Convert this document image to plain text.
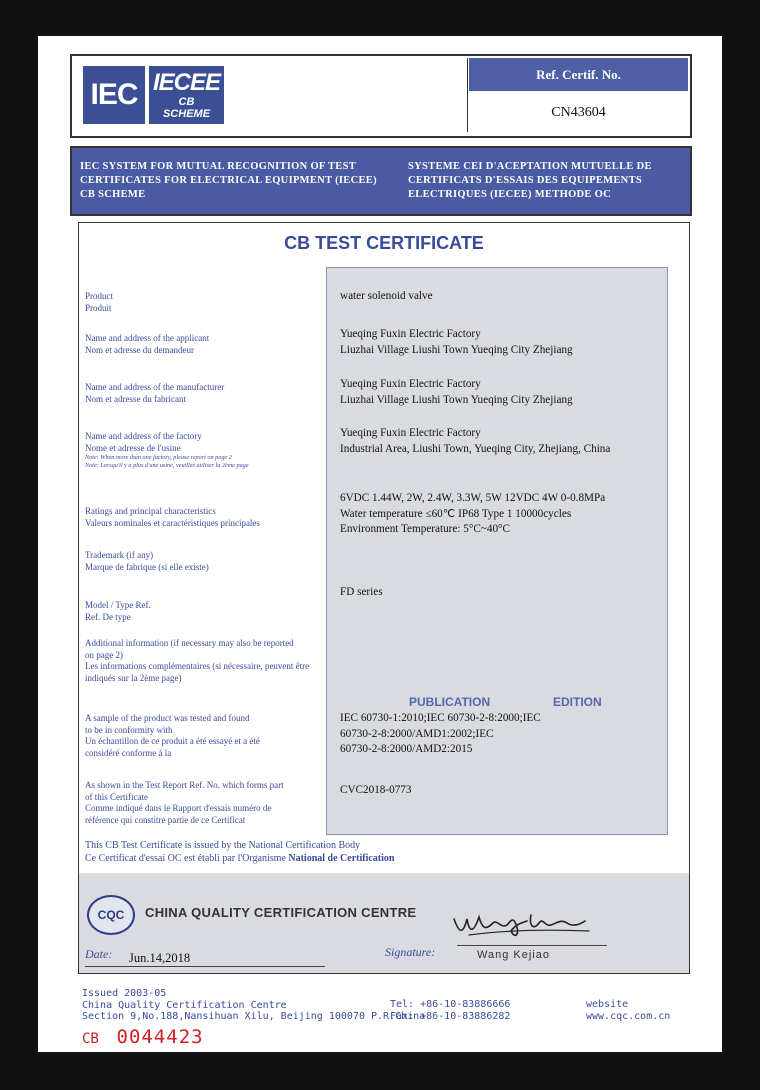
IEC IECEE
CB
SCHEME
Ref. Certif. No.
CN43604
IEC SYSTEM FOR MUTUAL RECOGNITION OF TEST CERTIFICATES FOR ELECTRICAL EQUIPMENT (IECEE) CB SCHEME
SYSTEME CEI D'ACEPTATION MUTUELLE DE CERTIFICATS D'ESSAIS DES EQUIPEMENTS ELECTRIQUES (IECEE) METHODE OC
CB TEST CERTIFICATE
Product
Produit
water solenoid valve
Name and address of the applicant
Nom et adresse du demandeur
Yueqing Fuxin Electric Factory
Liuzhai Village Liushi Town Yueqing City Zhejiang
Name and address of the manufacturer
Nom et adresse du fabricant
Yueqing Fuxin Electric Factory
Liuzhai Village Liushi Town Yueqing City Zhejiang
Name and address of the factory
Nome et adresse de l'usine
Note: When more than one factory, please report on page 2
Note: Lorsqu'il y a plus d'une usine, veuillez utiliser la 2ème page
Yueqing Fuxin Electric Factory
Industrial Area, Liushi Town, Yueqing City, Zhejiang, China
Ratings and principal characteristics
Valeurs nominales et caractéristiques principales
6VDC 1.44W, 2W, 2.4W, 3.3W, 5W 12VDC 4W 0-0.8MPa
Water temperature ≤60℃ IP68 Type 1 10000cycles
Environment Temperature: 5°C~40°C
Trademark (if any)
Marque de fabrique (si elle existe)
Model / Type Ref.
Ref. De type
FD series
Additional information (if necessary may also be reported
on page 2)
Les informations complémentaires (si nécessaire, peuvent être
indiqués sur la 2ème page)
PUBLICATION	EDITION
A sample of the product was tested and found
to be in conformity with
Un échantillon de ce produit a été essayé et a été
considéré conforme à la
IEC 60730-1:2010;IEC 60730-2-8:2000;IEC
60730-2-8:2000/AMD1:2002;IEC
60730-2-8:2000/AMD2:2015
As shown in the Test Report Ref. No. which forms part
of this Certificate
Comme indiqué dans le Rapport d'essais numéro de
référence qui constitre partie de ce Certificat
CVC2018-0773
This CB Test Certificate is issued by the National Certification Body
Ce Certificat d'essai OC est établi par l'Organisme National de Certification
CQC	CHINA QUALITY CERTIFICATION CENTRE
Date: Jun.14,2018	Signature:	Wang Kejiao
Issued 2003-05
China Quality Certification Centre
Section 9,No.188,Nansihuan Xilu, Beijing 100070 P.R.China
Tel: +86-10-83886666
Fax: +86-10-83886282
website
www.cqc.com.cn
CB 0044423
